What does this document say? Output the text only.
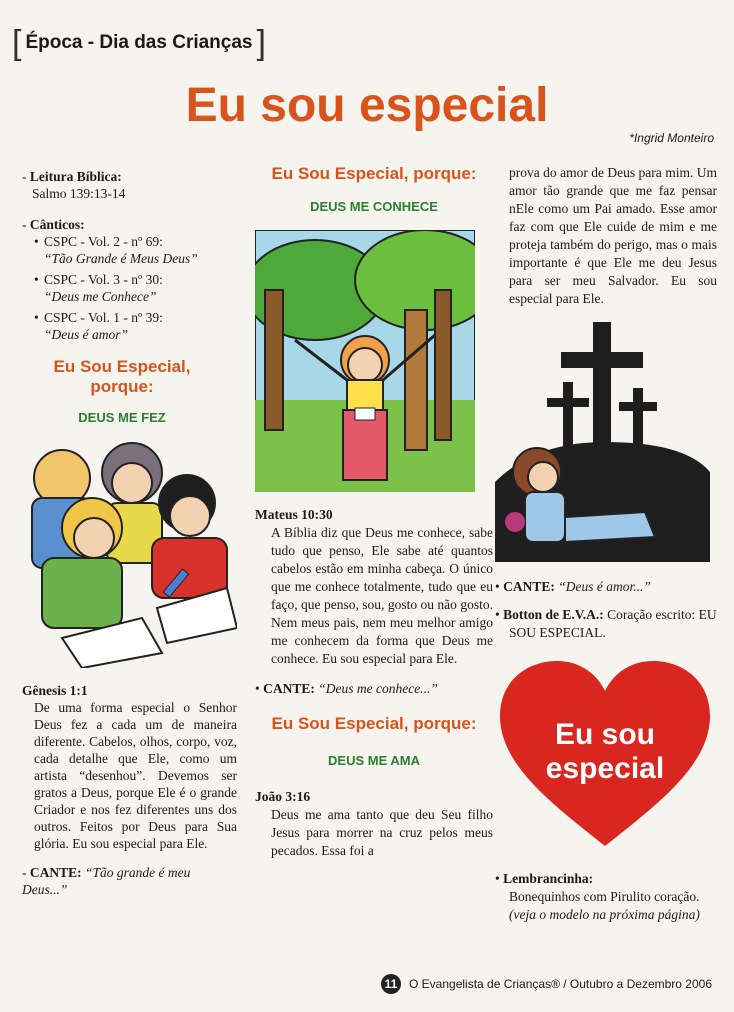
[ Época - Dia das Crianças ]
Eu sou especial
*Ingrid Monteiro
- Leitura Bíblica:
Salmo 139:13-14
- Cânticos:
• CSPC - Vol. 2 - nº 69:
“Tão Grande é Meus Deus”
• CSPC - Vol. 3 - nº 30:
“Deus me Conhece”
• CSPC - Vol. 1 - nº 39:
“Deus é amor”
Eu Sou Especial, porque:
DEUS ME FEZ
Gênesis 1:1
De uma forma especial o Senhor Deus fez a cada um de maneira diferente. Cabelos, olhos, corpo, voz, cada detalhe que Ele, como um artista “desenhou”. Devemos ser gratos a Deus, porque Ele é o grande Criador e nos fez diferentes uns dos outros. Feitos por Deus para Sua glória. Eu sou especial para Ele.
- CANTE: “Tão grande é meu Deus...”
Eu Sou Especial, porque:
DEUS ME CONHECE
Mateus 10:30
A Bíblia diz que Deus me conhece, sabe tudo que penso, Ele sabe até quantos cabelos estão em minha cabeça. O único que me conhece totalmente, tudo que eu faço, que penso, sou, gosto ou não gosto. Nem meus pais, nem meu melhor amigo me conhecem da forma que Deus me conhece. Eu sou especial para Ele.
• CANTE: “Deus me conhece...”
Eu Sou Especial, porque:
DEUS ME AMA
João 3:16
Deus me ama tanto que deu Seu filho Jesus para morrer na cruz pelos meus pecados. Essa foi a
prova do amor de Deus para mim. Um amor tão grande que me faz pensar nEle como um Pai amado. Esse amor faz com que Ele cuide de mim e me proteja também do perigo, mas o mais importante é que Ele me deu Jesus para ser meu Salvador. Eu sou especial para Ele.
• CANTE: “Deus é amor...”
• Botton de E.V.A.: Coração escrito: EU SOU ESPECIAL.
Eu sou
especial
• Lembrancinha:
Bonequinhos com Pirulito coração. (veja o modelo na próxima página)
11 O Evangelista de Crianças® / Outubro a Dezembro 2006
